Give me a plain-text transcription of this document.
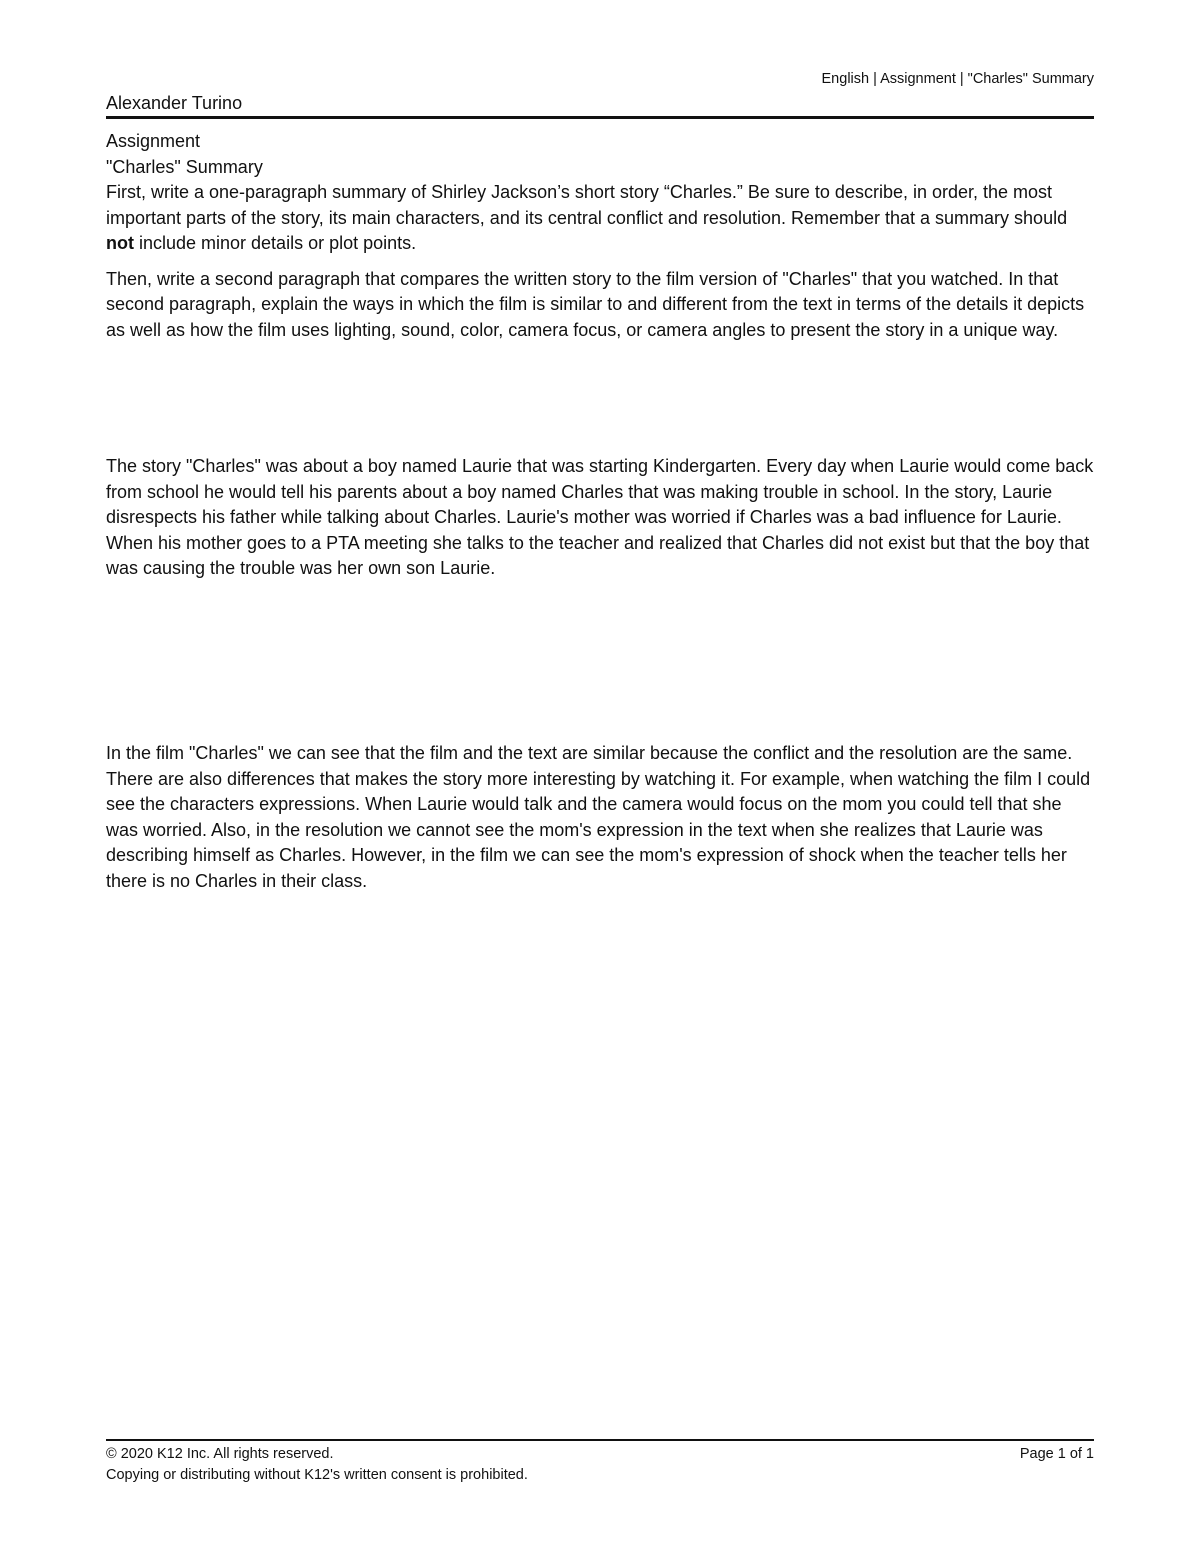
English | Assignment | "Charles" Summary
Alexander Turino

Assignment

"Charles" Summary

First, write a one-paragraph summary of Shirley Jackson’s short story “Charles.” Be sure to describe, in order, the most important parts of the story, its main characters, and its central conflict and resolution. Remember that a summary should not include minor details or plot points.

Then, write a second paragraph that compares the written story to the film version of "Charles" that you watched. In that second paragraph, explain the ways in which the film is similar to and different from the text in terms of the details it depicts as well as how the film uses lighting, sound, color, camera focus, or camera angles to present the story in a unique way.

The story "Charles" was about a boy named Laurie that was starting Kindergarten. Every day when Laurie would come back from school he would tell his parents about a boy named Charles that was making trouble in school. In the story, Laurie disrespects his father while talking about Charles. Laurie's mother was worried if Charles was a bad influence for Laurie. When his mother goes to a PTA meeting she talks to the teacher and realized that Charles did not exist but that the boy that was causing the trouble was her own son Laurie.

In the film "Charles" we can see that the film and the text are similar because the conflict and the resolution are the same. There are also differences that makes the story more interesting by watching it. For example, when watching the film I could see the characters expressions. When Laurie would talk and the camera would focus on the mom you could tell that she was worried. Also, in the resolution we cannot see the mom's expression in the text when she realizes that Laurie was describing himself as Charles. However, in the film we can see the mom's expression of shock when the teacher tells her there is no Charles in their class.

© 2020 K12 Inc. All rights reserved.
Copying or distributing without K12's written consent is prohibited.
Page 1 of 1
